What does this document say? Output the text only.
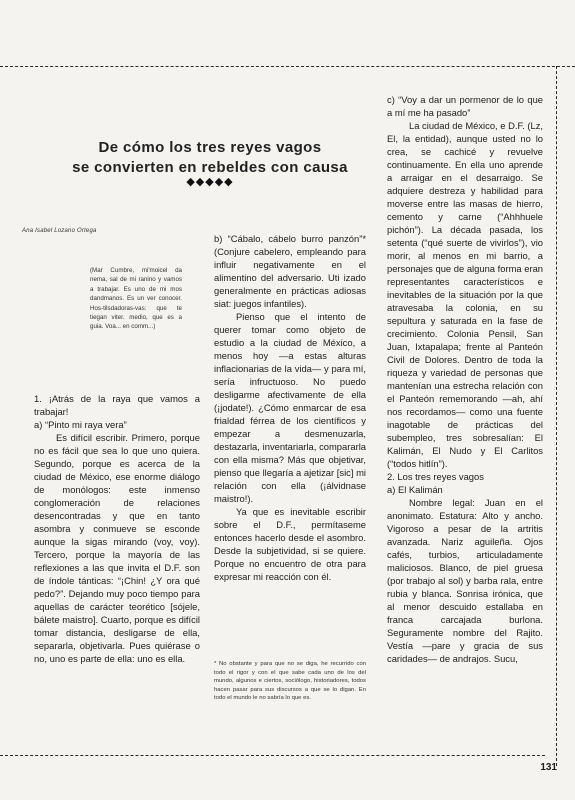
De cómo los tres reyes vagos
se convierten en rebeldes con causa
◆◆◆◆◆
Ana Isabel Lozano Ortega
(Mar Cumbre, mi'moicel da nema, sal de mi ranino y vamos a trabajar. Es uno de mi mos dandmanos. Es un ver conocer. Hos-tilsdadoras-vas: que te tiegan viter. medio, que es a guia. Voa... en comm...)

1. ¡Atrás de la raya que vamos a trabajar!

a) “Pinto mi raya vera”

Es difícil escribir. Primero, porque no es fácil que sea lo que uno quiera. Segundo, porque es acerca de la ciudad de México, ese enorme diálogo de monólogos: este inmenso conglomeración de relaciones desencontradas y que en tanto asombra y conmueve se esconde aunque la sigas mirando (voy, voy). Tercero, porque la mayoría de las reflexiones a las que invita el D.F. son de índole tánticas: “¡Chin! ¿Y ora qué pedo?”. Dejando muy poco tiempo para aquellas de carácter teorético [sójele, bálete maistro]. Cuarto, porque es difícil tomar distancia, desligarse de ella, separarla, objetivarla. Pues quiérase o no, uno es parte de ella: uno es ella.

b) “Cábalo, cábelo burro panzón”* (Conjure cabelero, empleando para influir negativamente en el alimentino del adversario. Uti izado generalmente en prácticas adiosas siat: juegos infantiles).

Pienso que el intento de querer tomar como objeto de estudio a la ciudad de México, a menos hoy —a estas alturas inflacionarias de la vida— y para mí, sería infructuoso. No puedo desligarme afectivamente de ella (¡jodate!). ¿Cómo enmarcar de esa frialdad férrea de los científicos y empezar a desmenuzarla, destazarla, inventariarla, compararla con ella misma? Más que objetivar, pienso que llegaría a ajetizar [sic] mi relación con ella (¡álvidnase maistro!).

Ya que es inevitable escribir sobre el D.F., permítaseme entonces hacerlo desde el asombro. Desde la subjetividad, si se quiere. Porque no encuentro de otra para expresar mi reacción con él.

* No obstante y para que no se diga, he recurrido con todo el rigor y con el que sabe cada uno de los del mundo, algunos e ciertos, sociólogo, historiadores, todos hacen pasar para sus discursos a que se lo digan. En todo el mundo le no sabría lo que es.

c) “Voy a dar un pormenor de lo que a mí me ha pasado”

La ciudad de México, e D.F. (Lz, El, la entidad), aunque usted no lo crea, se cachicé y revuelve continuamente. En ella uno aprende a arraigar en el desarraigo. Se adquiere destreza y habilidad para moverse entre las masas de hierro, cemento y carne (“Ahhhuele pichón”). La década pasada, los setenta (“qué suerte de vivirlos”), vio morir, al menos en mi barrio, a personajes que de alguna forma eran representantes característicos e inevitables de la situación por la que atravesaba la colonia, en su sepultura y saturada en la fase de crecimiento. Colonia Pensil, San Juan, Ixtapalapa; frente al Panteón Civil de Dolores. Dentro de toda la riqueza y variedad de personas que mantenían una estrecha relación con el Panteón rememorando —ah, ahí nos recordamos— como una fuente inagotable de prácticas del subempleo, tres sobresalían: El Kalimán, El Nudo y El Carlitos (“todos hitlín”).

2. Los tres reyes vagos

a) El Kalimán

Nombre legal: Juan en el anonimato. Estatura: Alto y ancho. Vigoroso a pesar de la artritis avanzada. Nariz aguileña. Ojos cafés, turbios, articuladamente maliciosos. Blanco, de piel gruesa (por trabajo al sol) y barba rala, entre rubia y blanca. Sonrisa irónica, que al menor descuido estallaba en franca carcajada burlona. Seguramente nombre del Rajito. Vestía —pare y gracia de sus caridades— de andrajos. Sucu,

131
